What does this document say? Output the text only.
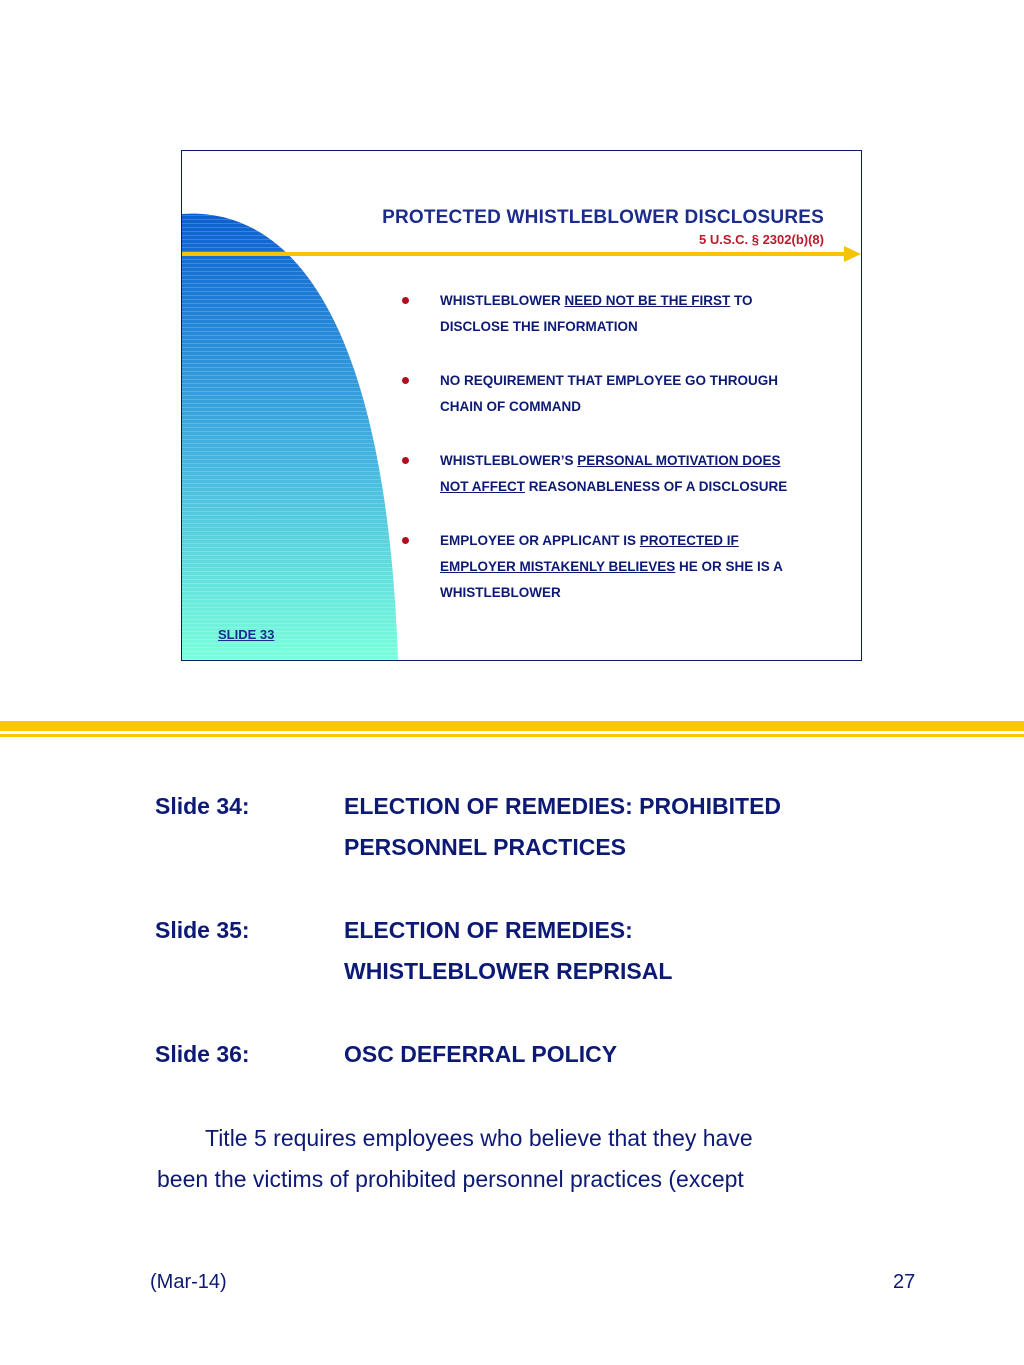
PROTECTED WHISTLEBLOWER DISCLOSURES
5 U.S.C. § 2302(b)(8)
WHISTLEBLOWER NEED NOT BE THE FIRST TO DISCLOSE THE INFORMATION
NO REQUIREMENT THAT EMPLOYEE GO THROUGH CHAIN OF COMMAND
WHISTLEBLOWER’S PERSONAL MOTIVATION DOES NOT AFFECT REASONABLENESS OF A DISCLOSURE
EMPLOYEE OR APPLICANT IS PROTECTED IF EMPLOYER MISTAKENLY BELIEVES HE OR SHE IS A WHISTLEBLOWER
SLIDE 33
Slide 34:	ELECTION OF REMEDIES: PROHIBITED PERSONNEL PRACTICES
Slide 35:	ELECTION OF REMEDIES: WHISTLEBLOWER REPRISAL
Slide 36:	OSC DEFERRAL POLICY
Title 5 requires employees who believe that they have
been the victims of prohibited personnel practices (except
(Mar-14)	27
